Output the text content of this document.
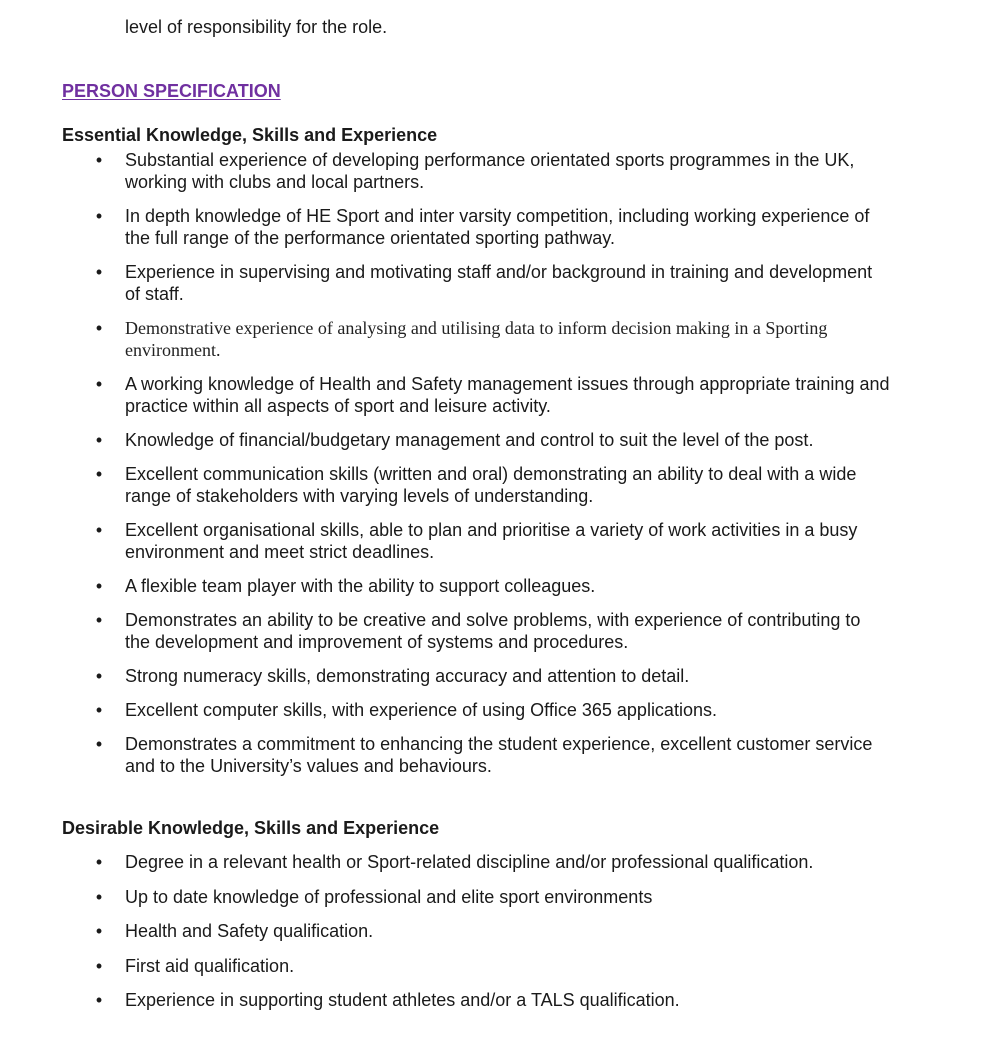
level of responsibility for the role.

PERSON SPECIFICATION
Essential Knowledge, Skills and Experience
• Substantial experience of developing performance orientated sports programmes in the UK, working with clubs and local partners.
• In depth knowledge of HE Sport and inter varsity competition, including working experience of the full range of the performance orientated sporting pathway.
• Experience in supervising and motivating staff and/or background in training and development of staff.
• Demonstrative experience of analysing and utilising data to inform decision making in a Sporting environment.
• A working knowledge of Health and Safety management issues through appropriate training and practice within all aspects of sport and leisure activity.
• Knowledge of financial/budgetary management and control to suit the level of the post.
• Excellent communication skills (written and oral) demonstrating an ability to deal with a wide range of stakeholders with varying levels of understanding.
• Excellent organisational skills, able to plan and prioritise a variety of work activities in a busy environment and meet strict deadlines.
• A flexible team player with the ability to support colleagues.
• Demonstrates an ability to be creative and solve problems, with experience of contributing to the development and improvement of systems and procedures.
• Strong numeracy skills, demonstrating accuracy and attention to detail.
• Excellent computer skills, with experience of using Office 365 applications.
• Demonstrates a commitment to enhancing the student experience, excellent customer service and to the University’s values and behaviours.
Desirable Knowledge, Skills and Experience
• Degree in a relevant health or Sport-related discipline and/or professional qualification.
• Up to date knowledge of professional and elite sport environments
• Health and Safety qualification.
• First aid qualification.
• Experience in supporting student athletes and/or a TALS qualification.
